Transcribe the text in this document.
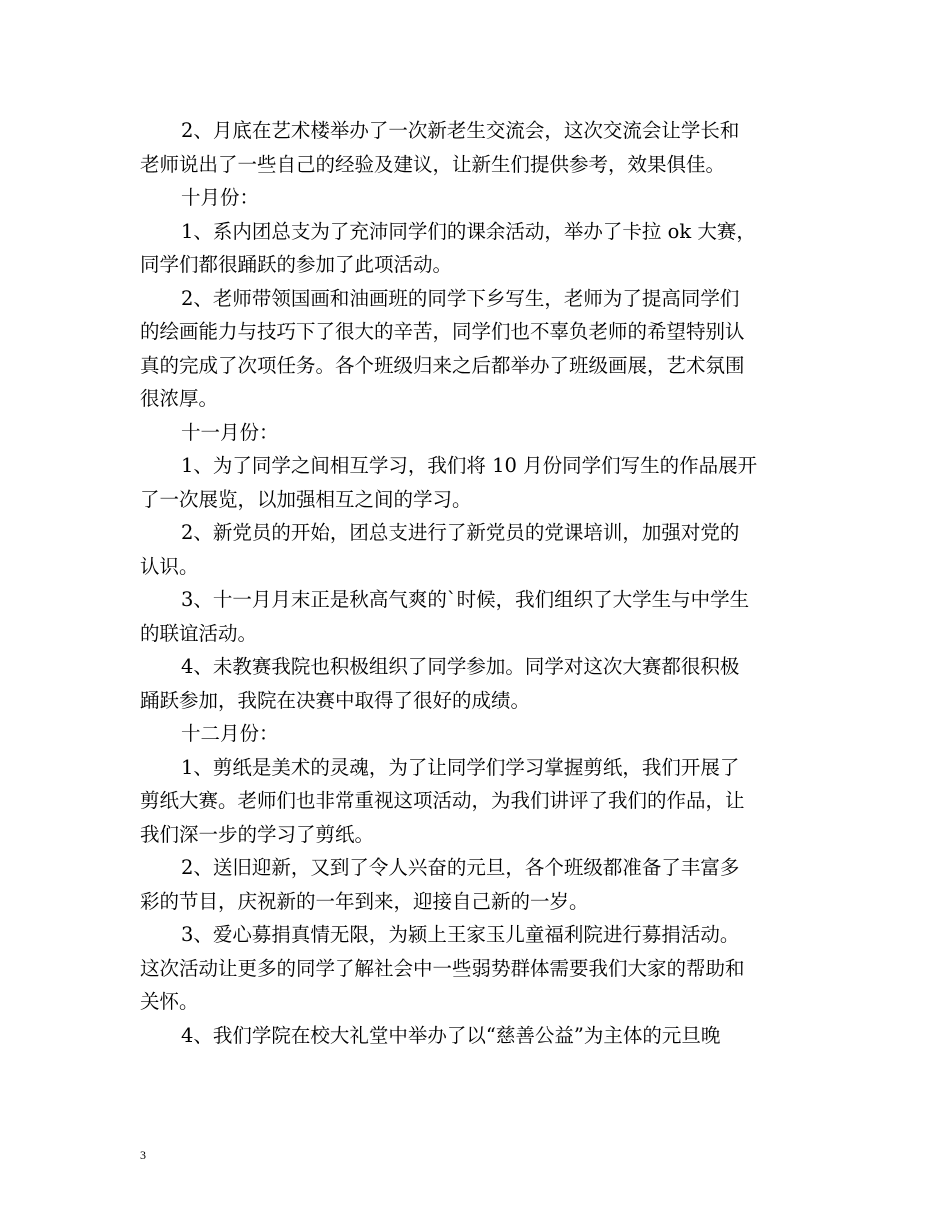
2、月底在艺术楼举办了一次新老生交流会，这次交流会让学长和
老师说出了一些自己的经验及建议，让新生们提供参考，效果俱佳。
十月份：
1、系内团总支为了充沛同学们的课余活动，举办了卡拉 ok 大赛，
同学们都很踊跃的参加了此项活动。
2、老师带领国画和油画班的同学下乡写生，老师为了提高同学们
的绘画能力与技巧下了很大的辛苦，同学们也不辜负老师的希望特别认
真的完成了次项任务。各个班级归来之后都举办了班级画展，艺术氛围
很浓厚。
十一月份：
1、为了同学之间相互学习，我们将 10 月份同学们写生的作品展开
了一次展览，以加强相互之间的学习。
2、新党员的开始，团总支进行了新党员的党课培训，加强对党的
认识。
3、十一月月末正是秋高气爽的`时候，我们组织了大学生与中学生
的联谊活动。
4、未教赛我院也积极组织了同学参加。同学对这次大赛都很积极
踊跃参加，我院在决赛中取得了很好的成绩。
十二月份：
1、剪纸是美术的灵魂，为了让同学们学习掌握剪纸，我们开展了
剪纸大赛。老师们也非常重视这项活动，为我们讲评了我们的作品，让
我们深一步的学习了剪纸。
2、送旧迎新，又到了令人兴奋的元旦，各个班级都准备了丰富多
彩的节目，庆祝新的一年到来，迎接自己新的一岁。
3、爱心募捐真情无限，为颍上王家玉儿童福利院进行募捐活动。
这次活动让更多的同学了解社会中一些弱势群体需要我们大家的帮助和
关怀。
4、我们学院在校大礼堂中举办了以“慈善公益”为主体的元旦晚
3
